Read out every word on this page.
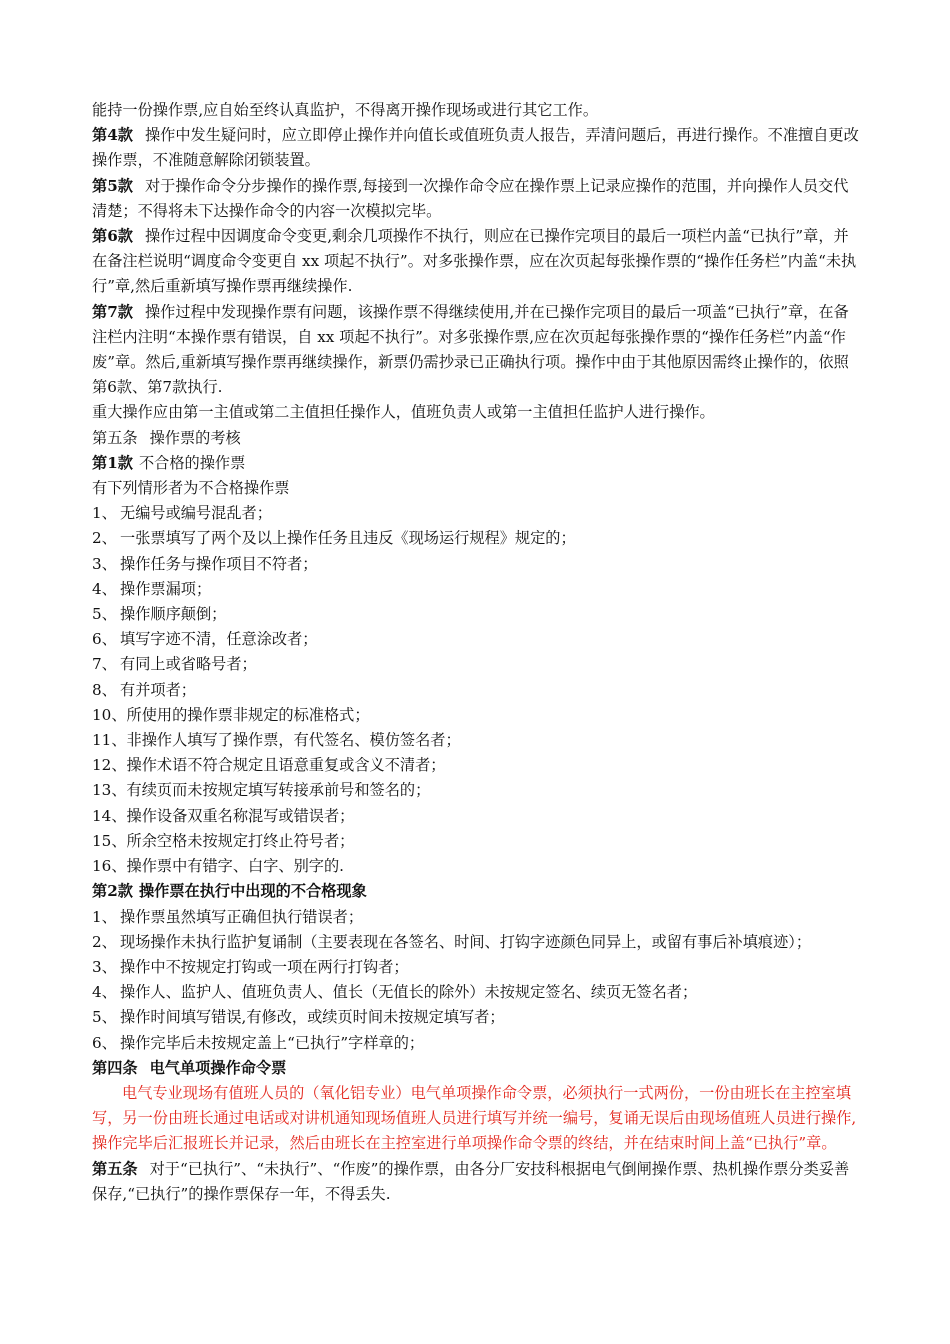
能持一份操作票,应自始至终认真监护，不得离开操作现场或进行其它工作。

第4款 操作中发生疑问时，应立即停止操作并向值长或值班负责人报告，弄清问题后，再进行操作。不准擅自更改操作票，不准随意解除闭锁装置。

第5款 对于操作命令分步操作的操作票,每接到一次操作命令应在操作票上记录应操作的范围，并向操作人员交代清楚；不得将未下达操作命令的内容一次模拟完毕。

第6款 操作过程中因调度命令变更,剩余几项操作不执行，则应在已操作完项目的最后一项栏内盖“已执行”章，并在备注栏说明“调度命令变更自 xx 项起不执行”。对多张操作票，应在次页起每张操作票的“操作任务栏”内盖“未执行”章,然后重新填写操作票再继续操作.

第7款 操作过程中发现操作票有问题，该操作票不得继续使用,并在已操作完项目的最后一项盖“已执行”章，在备注栏内注明“本操作票有错误，自 xx 项起不执行”。对多张操作票,应在次页起每张操作票的“操作任务栏”内盖“作废”章。然后,重新填写操作票再继续操作，新票仍需抄录已正确执行项。操作中由于其他原因需终止操作的，依照第6款、第7款执行.

重大操作应由第一主值或第二主值担任操作人，值班负责人或第一主值担任监护人进行操作。

第五条 操作票的考核

第1款 不合格的操作票

有下列情形者为不合格操作票

1、 无编号或编号混乱者；

2、 一张票填写了两个及以上操作任务且违反《现场运行规程》规定的；

3、 操作任务与操作项目不符者；

4、 操作票漏项；

5、 操作顺序颠倒；

6、 填写字迹不清，任意涂改者；

7、 有同上或省略号者；

8、 有并项者；

10、所使用的操作票非规定的标准格式；

11、非操作人填写了操作票，有代签名、模仿签名者；

12、操作术语不符合规定且语意重复或含义不清者；

13、有续页而未按规定填写转接承前号和签名的；

14、操作设备双重名称混写或错误者；

15、所余空格未按规定打终止符号者；

16、操作票中有错字、白字、别字的.

第2款 操作票在执行中出现的不合格现象

1、 操作票虽然填写正确但执行错误者；

2、 现场操作未执行监护复诵制（主要表现在各签名、时间、打钩字迹颜色同异上，或留有事后补填痕迹）；

3、 操作中不按规定打钩或一项在两行打钩者；

4、 操作人、监护人、值班负责人、值长（无值长的除外）未按规定签名、续页无签名者；

5、 操作时间填写错误,有修改，或续页时间未按规定填写者；

6、 操作完毕后未按规定盖上“已执行”字样章的；

第四条 电气单项操作命令票

电气专业现场有值班人员的（氧化铝专业）电气单项操作命令票，必须执行一式两份，一份由班长在主控室填写，另一份由班长通过电话或对讲机通知现场值班人员进行填写并统一编号，复诵无误后由现场值班人员进行操作,操作完毕后汇报班长并记录，然后由班长在主控室进行单项操作命令票的终结，并在结束时间上盖“已执行”章。

第五条 对于“已执行”、“未执行”、“作废”的操作票，由各分厂安技科根据电气倒闸操作票、热机操作票分类妥善保存,“已执行”的操作票保存一年，不得丢失.
